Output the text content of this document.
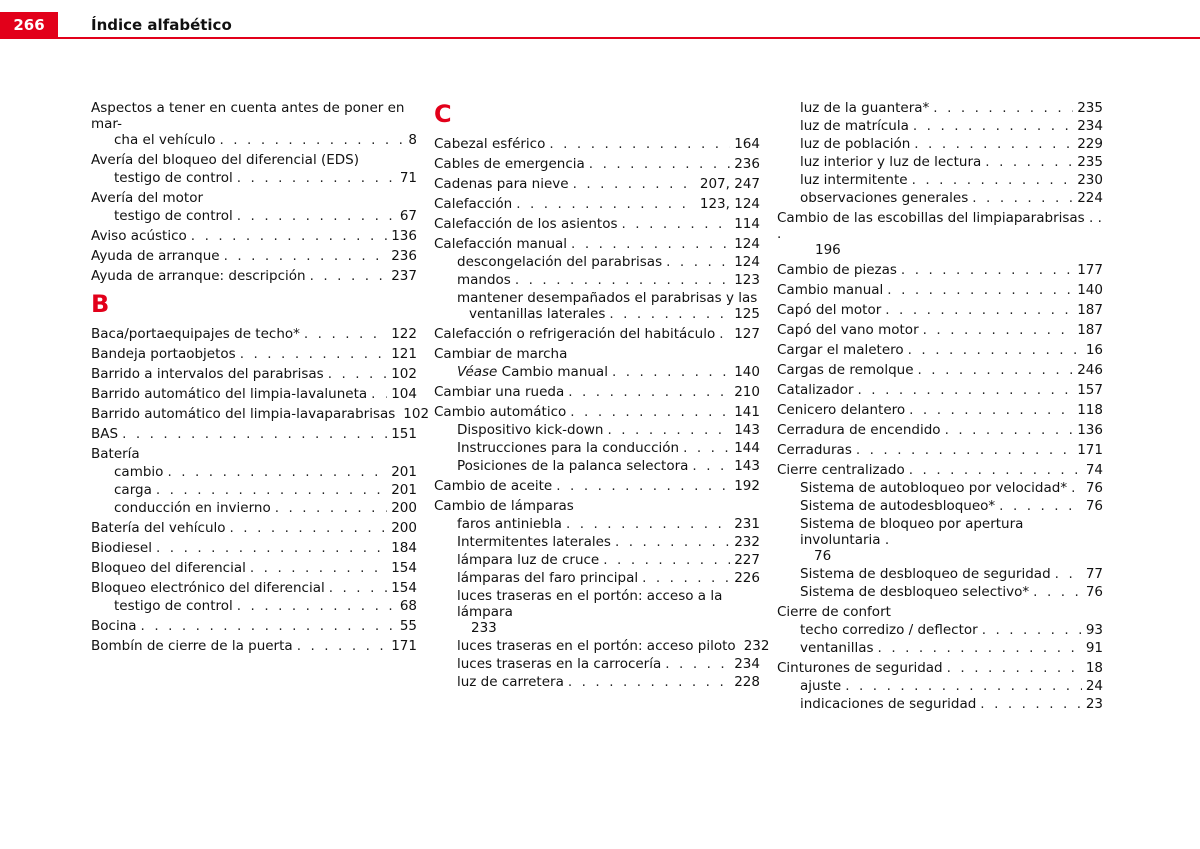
266	Índice alfabético
Aspectos a tener en cuenta antes de poner en mar-
cha el vehículo . . .	8
Avería del bloqueo del diferencial (EDS)
testigo de control . . .	71
Avería del motor
testigo de control . . .	67
Aviso acústico . . .	136
Ayuda de arranque . . .	236
Ayuda de arranque: descripción . . .	237
B
Baca/portaequipajes de techo* . . .	122
Bandeja portaobjetos . . .	121
Barrido a intervalos del parabrisas . . .	102
Barrido automático del limpia-lavaluneta . . . 104
Barrido automático del limpia-lavaparabrisas 102
BAS . . .	151
Batería
cambio . . .	201
carga . . .	201
conducción en invierno . . .	200
Batería del vehículo . . .	200
Biodiesel . . .	184
Bloqueo del diferencial . . .	154
Bloqueo electrónico del diferencial . . .	154
testigo de control . . .	68
Bocina . . .	55
Bombín de cierre de la puerta . . .	171
C
Cabezal esférico . . .	164
Cables de emergencia . . .	236
Cadenas para nieve . . .	207, 247
Calefacción . . .	123, 124
Calefacción de los asientos . . .	114
Calefacción manual . . .	124
descongelación del parabrisas . . .	124
mandos . . .	123
mantener desempañados el parabrisas y las
ventanillas laterales . . .	125
Calefacción o refrigeración del habitáculo . . . 127
Cambiar de marcha
Véase Cambio manual . . .	140
Cambiar una rueda . . .	210
Cambio automático . . .	141
Dispositivo kick-down . . .	143
Instrucciones para la conducción . . .	144
Posiciones de la palanca selectora . . .	143
Cambio de aceite . . .	192
Cambio de lámparas
faros antiniebla . . .	231
Intermitentes laterales . . .	232
lámpara luz de cruce . . .	227
lámparas del faro principal . . .	226
luces traseras en el portón: acceso a la lámpara
233
luces traseras en el portón: acceso piloto 232
luces traseras en la carrocería . . .	234
luz de carretera . . .	228
luz de la guantera* . . .	235
luz de matrícula . . .	234
luz de población . . .	229
luz interior y luz de lectura . . .	235
luz intermitente . . .	230
observaciones generales . . .	224
Cambio de las escobillas del limpiaparabrisas . . .
196
Cambio de piezas . . .	177
Cambio manual . . .	140
Capó del motor . . .	187
Capó del vano motor . . .	187
Cargar el maletero . . .	16
Cargas de remolque . . .	246
Catalizador . . .	157
Cenicero delantero . . .	118
Cerradura de encendido . . .	136
Cerraduras . . .	171
Cierre centralizado . . .	74
Sistema de autobloqueo por velocidad* . . . 76
Sistema de autodesbloqueo* . . .	76
Sistema de bloqueo por apertura involuntaria .
76
Sistema de desbloqueo de seguridad . . .	77
Sistema de desbloqueo selectivo* . . .	76
Cierre de confort
techo corredizo / deflector . . .	93
ventanillas . . .	91
Cinturones de seguridad . . .	18
ajuste . . .	24
indicaciones de seguridad . . .	23
